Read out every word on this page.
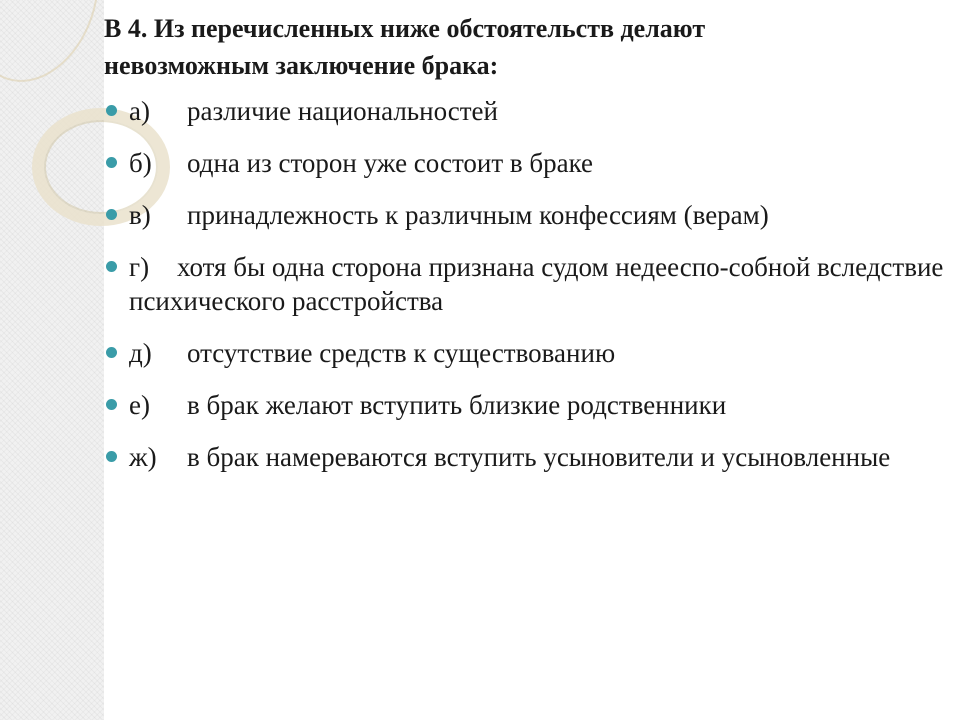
В 4. Из перечисленных ниже обстоятельств делают
невозможным заключение брака:
а) различие национальностей
б) одна из сторон уже состоит в браке
в) принадлежность к различным конфессиям (верам)
г) хотя бы одна сторона признана судом недееспо-собной вследствие психического расстройства
д) отсутствие средств к существованию
е) в брак желают вступить близкие родственники
ж) в брак намереваются вступить усыновители и усыновленные
